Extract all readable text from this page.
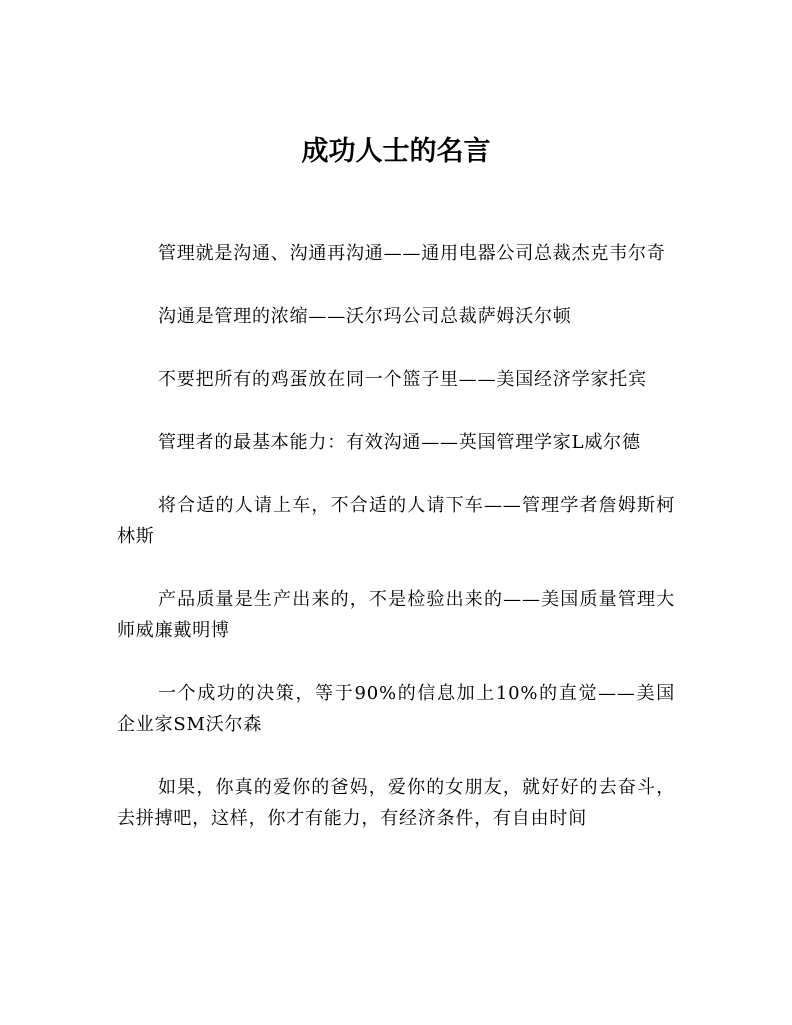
成功人士的名言

管理就是沟通、沟通再沟通——通用电器公司总裁杰克韦尔奇

沟通是管理的浓缩——沃尔玛公司总裁萨姆沃尔顿

不要把所有的鸡蛋放在同一个篮子里——美国经济学家托宾

管理者的最基本能力：有效沟通——英国管理学家L威尔德

将合适的人请上车，不合适的人请下车——管理学者詹姆斯柯林斯

产品质量是生产出来的，不是检验出来的——美国质量管理大师威廉戴明博

一个成功的决策，等于90%的信息加上10%的直觉——美国企业家SM沃尔森

如果，你真的爱你的爸妈，爱你的女朋友，就好好的去奋斗，去拼搏吧，这样，你才有能力，有经济条件，有自由时间
